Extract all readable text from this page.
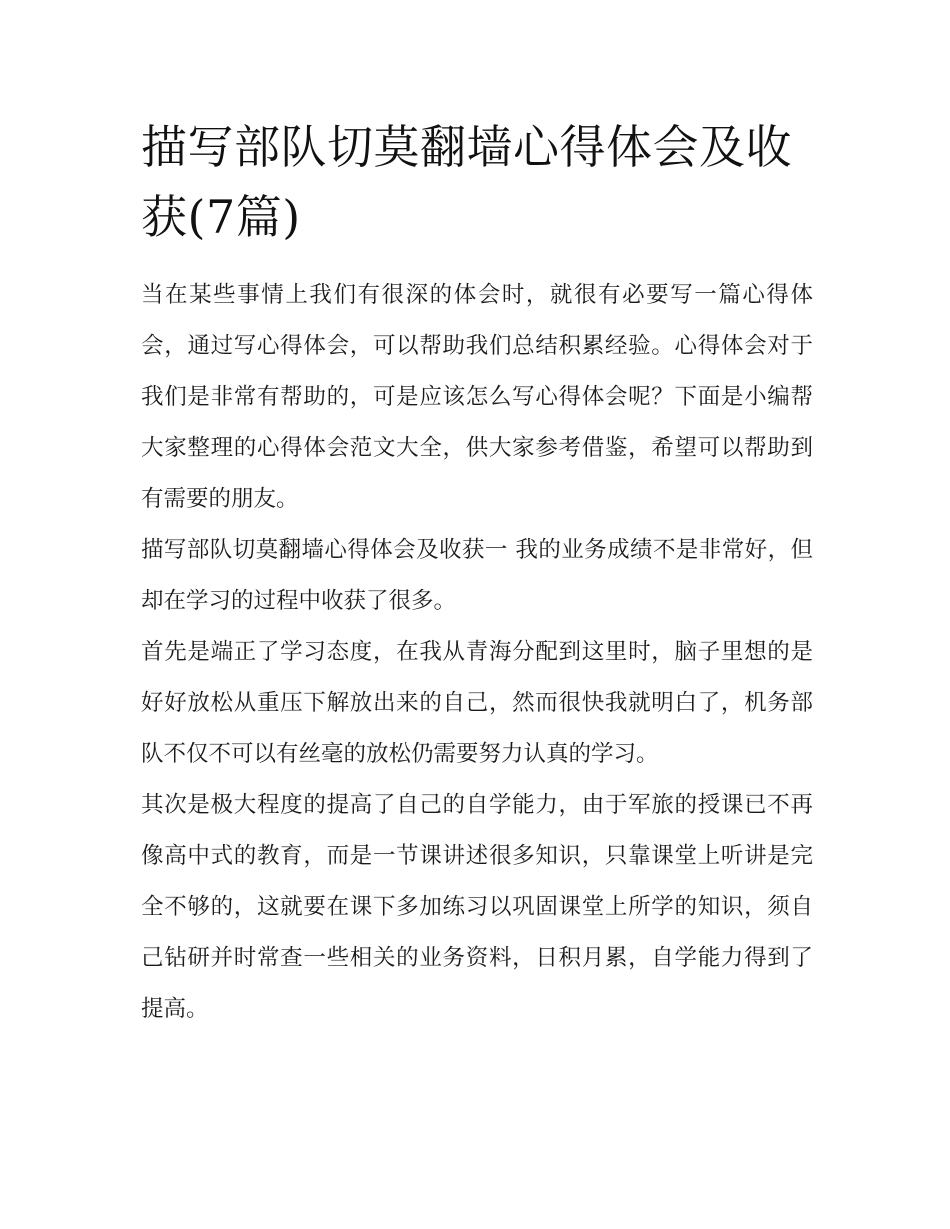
描写部队切莫翻墙心得体会及收获(7篇)

当在某些事情上我们有很深的体会时，就很有必要写一篇心得体会，通过写心得体会，可以帮助我们总结积累经验。心得体会对于我们是非常有帮助的，可是应该怎么写心得体会呢？下面是小编帮大家整理的心得体会范文大全，供大家参考借鉴，希望可以帮助到有需要的朋友。

描写部队切莫翻墙心得体会及收获一 我的业务成绩不是非常好，但却在学习的过程中收获了很多。

首先是端正了学习态度，在我从青海分配到这里时，脑子里想的是好好放松从重压下解放出来的自己，然而很快我就明白了，机务部队不仅不可以有丝毫的放松仍需要努力认真的学习。

其次是极大程度的提高了自己的自学能力，由于军旅的授课已不再像高中式的教育，而是一节课讲述很多知识，只靠课堂上听讲是完全不够的，这就要在课下多加练习以巩固课堂上所学的知识，须自己钻研并时常查一些相关的业务资料，日积月累，自学能力得到了提高。
